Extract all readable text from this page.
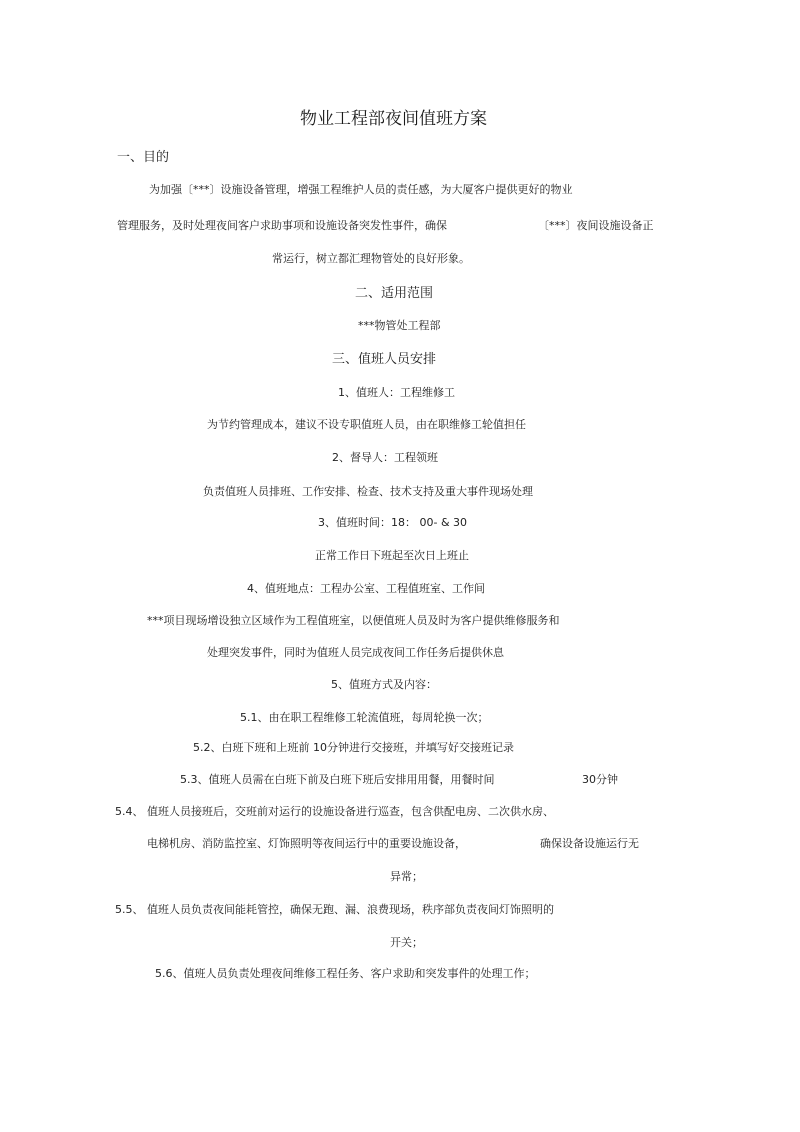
物业工程部夜间值班方案
一、目的
为加强〔***〕设施设备管理，增强工程维护人员的责任感，为大厦客户提供更好的物业
管理服务，及时处理夜间客户求助事项和设施设备突发性事件，确保	〔***〕夜间设施设备正
常运行，树立都汇理物管处的良好形象。
二、适用范围
***物管处工程部
三、值班人员安排
1、值班人：工程维修工
为节约管理成本，建议不设专职值班人员，由在职维修工轮值担任
2、督导人：工程领班
负责值班人员排班、工作安排、检查、技术支持及重大事件现场处理
3、值班时间：18： 00- & 30
正常工作日下班起至次日上班止
4、值班地点：工程办公室、工程值班室、工作间
***项目现场增设独立区域作为工程值班室，以便值班人员及时为客户提供维修服务和
处理突发事件，同时为值班人员完成夜间工作任务后提供休息
5、值班方式及内容：
5.1、由在职工程维修工轮流值班，每周轮换一次；
5.2、白班下班和上班前 10分钟进行交接班，并填写好交接班记录
5.3、值班人员需在白班下前及白班下班后安排用用餐，用餐时间	30分钟
5.4、 值班人员接班后，交班前对运行的设施设备进行巡查，包含供配电房、二次供水房、
电梯机房、消防监控室、灯饰照明等夜间运行中的重要设施设备，	确保设备设施运行无
异常；
5.5、 值班人员负责夜间能耗管控，确保无跑、漏、浪费现场，秩序部负责夜间灯饰照明的
开关；
5.6、值班人员负责处理夜间维修工程任务、客户求助和突发事件的处理工作；
